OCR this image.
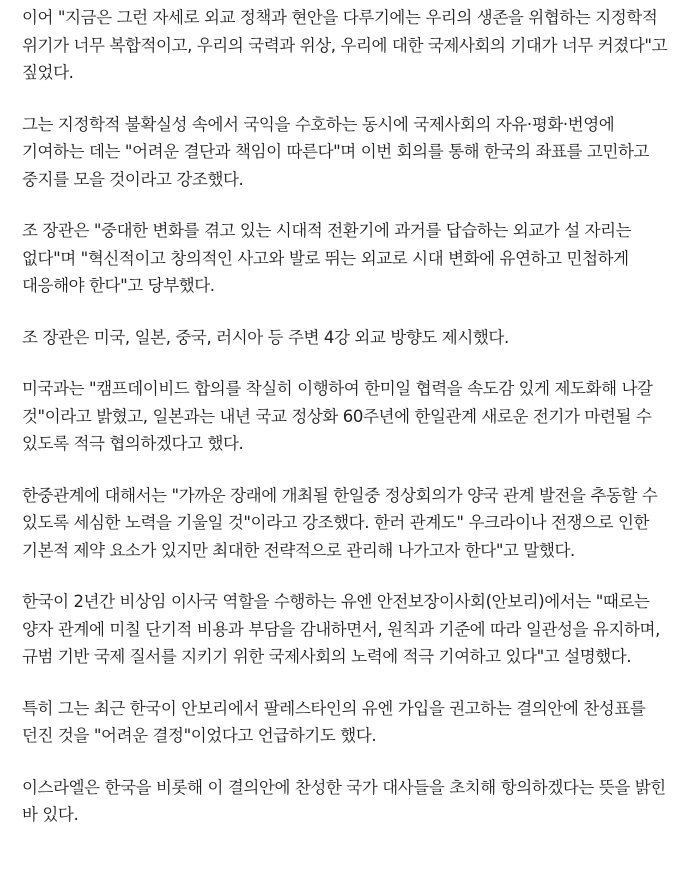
이어 "지금은 그런 자세로 외교 정책과 현안을 다루기에는 우리의 생존을 위협하는 지정학적 위기가 너무 복합적이고, 우리의 국력과 위상, 우리에 대한 국제사회의 기대가 너무 커졌다"고 짚었다.

그는 지정학적 불확실성 속에서 국익을 수호하는 동시에 국제사회의 자유·평화·번영에 기여하는 데는 "어려운 결단과 책임이 따른다"며 이번 회의를 통해 한국의 좌표를 고민하고 중지를 모을 것이라고 강조했다.

조 장관은 "중대한 변화를 겪고 있는 시대적 전환기에 과거를 답습하는 외교가 설 자리는 없다"며 "혁신적이고 창의적인 사고와 발로 뛰는 외교로 시대 변화에 유연하고 민첩하게 대응해야 한다"고 당부했다.

조 장관은 미국, 일본, 중국, 러시아 등 주변 4강 외교 방향도 제시했다.

미국과는 "캠프데이비드 합의를 착실히 이행하여 한미일 협력을 속도감 있게 제도화해 나갈 것"이라고 밝혔고, 일본과는 내년 국교 정상화 60주년에 한일관계 새로운 전기가 마련될 수 있도록 적극 협의하겠다고 했다.

한중관계에 대해서는 "가까운 장래에 개최될 한일중 정상회의가 양국 관계 발전을 추동할 수 있도록 세심한 노력을 기울일 것"이라고 강조했다. 한러 관계도" 우크라이나 전쟁으로 인한 기본적 제약 요소가 있지만 최대한 전략적으로 관리해 나가고자 한다"고 말했다.

한국이 2년간 비상임 이사국 역할을 수행하는 유엔 안전보장이사회(안보리)에서는 "때로는 양자 관계에 미칠 단기적 비용과 부담을 감내하면서, 원칙과 기준에 따라 일관성을 유지하며, 규범 기반 국제 질서를 지키기 위한 국제사회의 노력에 적극 기여하고 있다"고 설명했다.

특히 그는 최근 한국이 안보리에서 팔레스타인의 유엔 가입을 권고하는 결의안에 찬성표를 던진 것을 "어려운 결정"이었다고 언급하기도 했다.

이스라엘은 한국을 비롯해 이 결의안에 찬성한 국가 대사들을 초치해 항의하겠다는 뜻을 밝힌 바 있다.
